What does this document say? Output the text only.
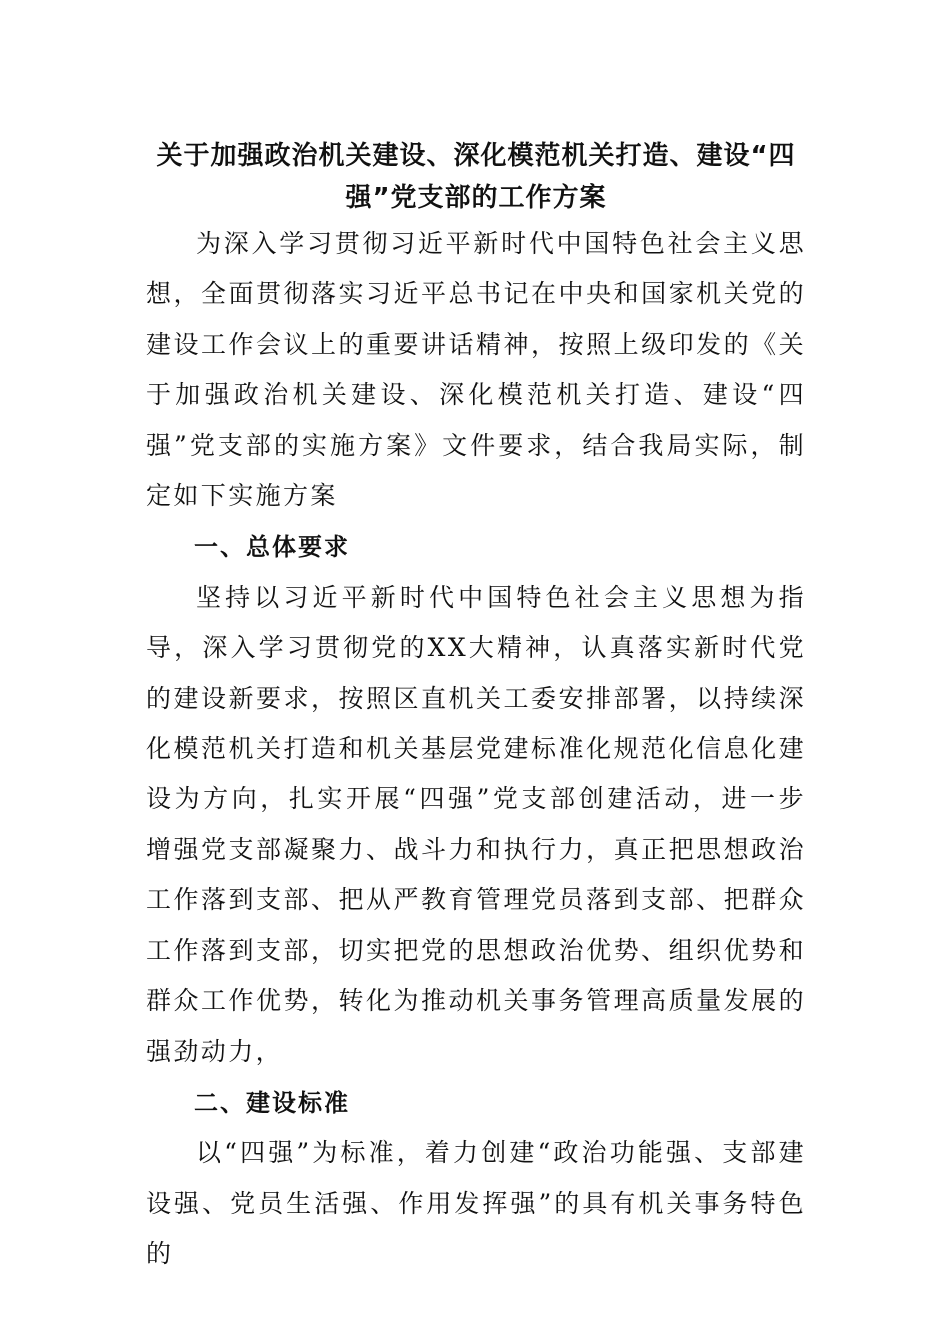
关于加强政治机关建设、深化模范机关打造、建设“四强”党支部的工作方案

为深入学习贯彻习近平新时代中国特色社会主义思想，全面贯彻落实习近平总书记在中央和国家机关党的建设工作会议上的重要讲话精神，按照上级印发的《关于加强政治机关建设、深化模范机关打造、建设“四强”党支部的实施方案》文件要求，结合我局实际，制定如下实施方案

一、总体要求

坚持以习近平新时代中国特色社会主义思想为指导，深入学习贯彻党的XX大精神，认真落实新时代党的建设新要求，按照区直机关工委安排部署，以持续深化模范机关打造和机关基层党建标准化规范化信息化建设为方向，扎实开展“四强”党支部创建活动，进一步增强党支部凝聚力、战斗力和执行力，真正把思想政治工作落到支部、把从严教育管理党员落到支部、把群众工作落到支部，切实把党的思想政治优势、组织优势和群众工作优势，转化为推动机关事务管理高质量发展的强劲动力，

二、建设标准

以“四强”为标准，着力创建“政治功能强、支部建设强、党员生活强、作用发挥强”的具有机关事务特色的
